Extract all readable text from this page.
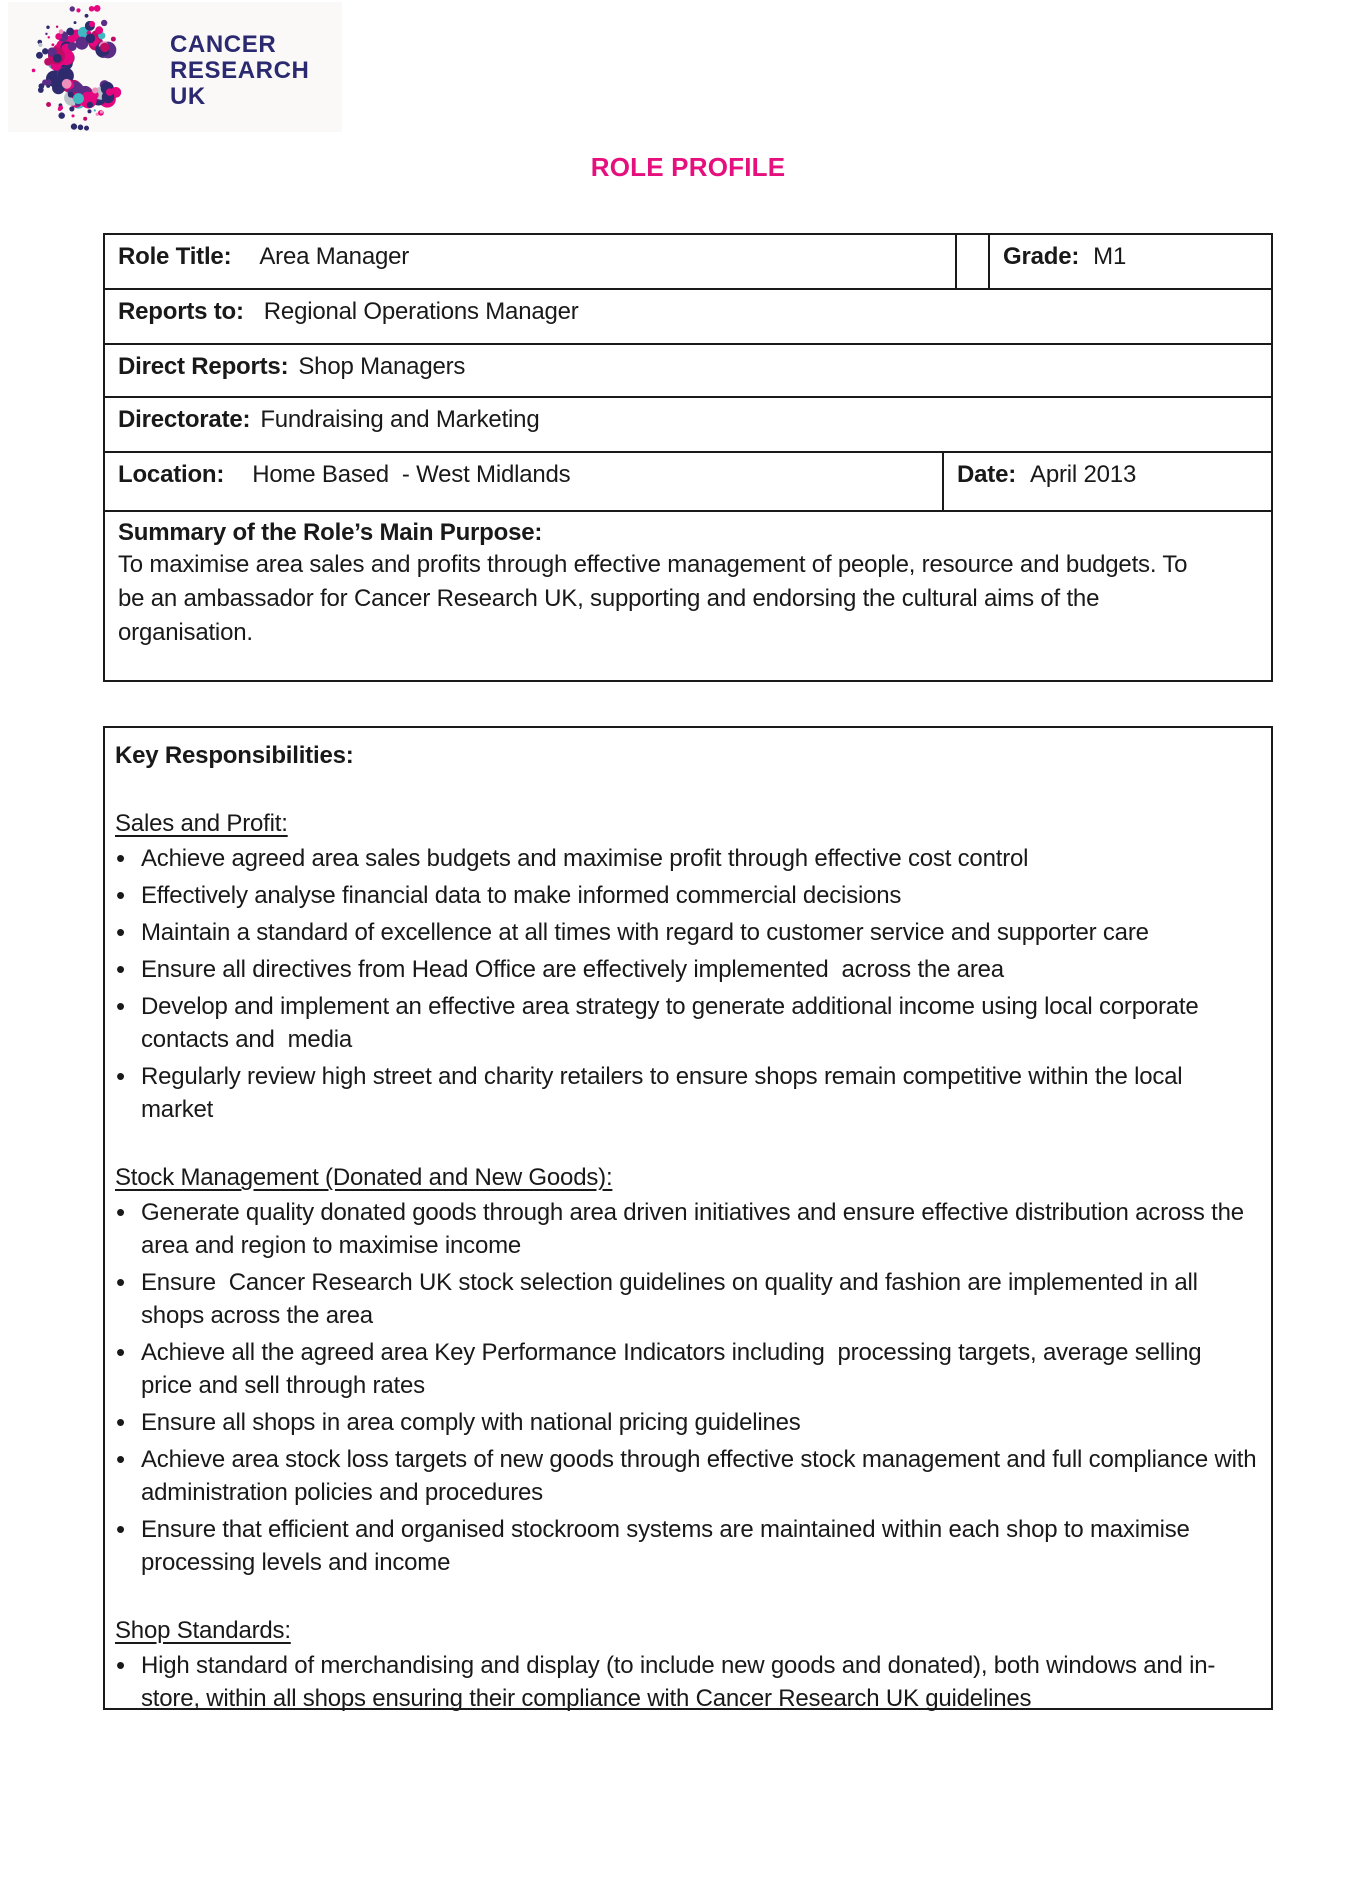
CANCER
RESEARCH
UK
ROLE PROFILE
Role Title: Area Manager	Grade: M1
Reports to: Regional Operations Manager
Direct Reports: Shop Managers
Directorate: Fundraising and Marketing
Location: Home Based  - West Midlands	Date: April 2013
Summary of the Role’s Main Purpose:
To maximise area sales and profits through effective management of people, resource and budgets. To be an ambassador for Cancer Research UK, supporting and endorsing the cultural aims of the organisation.
Key Responsibilities:
Sales and Profit:
• Achieve agreed area sales budgets and maximise profit through effective cost control
• Effectively analyse financial data to make informed commercial decisions
• Maintain a standard of excellence at all times with regard to customer service and supporter care
• Ensure all directives from Head Office are effectively implemented  across the area
• Develop and implement an effective area strategy to generate additional income using local corporate contacts and  media
• Regularly review high street and charity retailers to ensure shops remain competitive within the local market
Stock Management (Donated and New Goods):
• Generate quality donated goods through area driven initiatives and ensure effective distribution across the area and region to maximise income
• Ensure  Cancer Research UK stock selection guidelines on quality and fashion are implemented in all shops across the area
• Achieve all the agreed area Key Performance Indicators including  processing targets, average selling price and sell through rates
• Ensure all shops in area comply with national pricing guidelines
• Achieve area stock loss targets of new goods through effective stock management and full compliance with administration policies and procedures
• Ensure that efficient and organised stockroom systems are maintained within each shop to maximise processing levels and income
Shop Standards:
• High standard of merchandising and display (to include new goods and donated), both windows and in-store, within all shops ensuring their compliance with Cancer Research UK guidelines
